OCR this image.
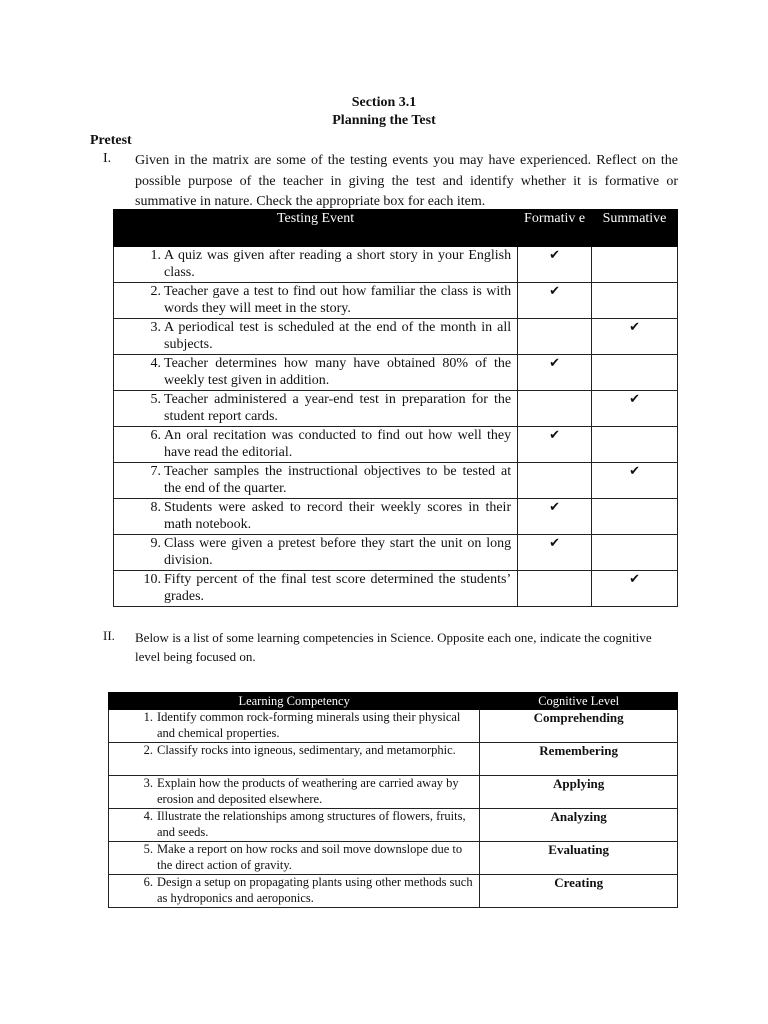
Section 3.1
Planning the Test
Pretest
I. Given in the matrix are some of the testing events you may have experienced. Reflect on the possible purpose of the teacher in giving the test and identify whether it is formative or summative in nature. Check the appropriate box for each item.
Testing Event	Formativ e	Summative

1. A quiz was given after reading a short story in your English class.	✔	

2. Teacher gave a test to find out how familiar the class is with words they will meet in the story.	✔	

3. A periodical test is scheduled at the end of the month in all subjects.		✔

4. Teacher determines how many have obtained 80% of the weekly test given in addition.	✔	

5. Teacher administered a year-end test in preparation for the student report cards.		✔

6. An oral recitation was conducted to find out how well they have read the editorial.	✔	

7. Teacher samples the instructional objectives to be tested at the end of the quarter.		✔

8. Students were asked to record their weekly scores in their math notebook.	✔	

9. Class were given a pretest before they start the unit on long division.	✔	

10. Fifty percent of the final test score determined the students’ grades.		✔
II. Below is a list of some learning competencies in Science. Opposite each one, indicate the cognitive level being focused on.
Learning Competency	Cognitive Level

1. Identify common rock-forming minerals using their physical and chemical properties.	Comprehending

2. Classify rocks into igneous, sedimentary, and metamorphic.	Remembering

3. Explain how the products of weathering are carried away by erosion and deposited elsewhere.	Applying

4. Illustrate the relationships among structures of flowers, fruits, and seeds.	Analyzing

5. Make a report on how rocks and soil move downslope due to the direct action of gravity.	Evaluating

6. Design a setup on propagating plants using other methods such as hydroponics and aeroponics.	Creating
